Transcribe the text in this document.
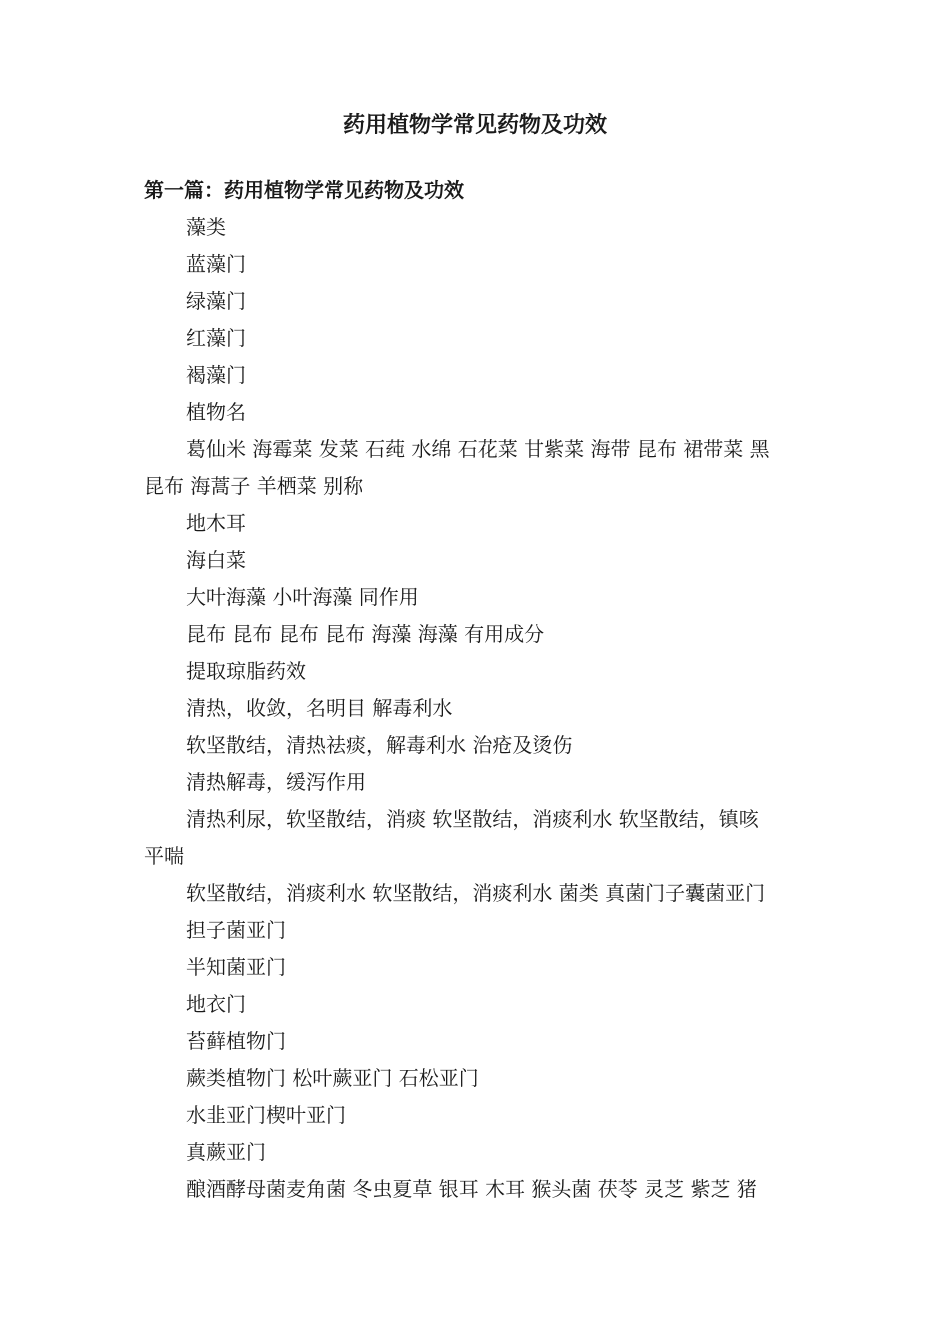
药用植物学常见药物及功效
第一篇：药用植物学常见药物及功效

藻类

蓝藻门

绿藻门

红藻门

褐藻门

植物名

葛仙米 海霉菜 发菜 石莼 水绵 石花菜 甘紫菜 海带 昆布 裙带菜 黑
昆布 海蒿子 羊栖菜 别称

地木耳

海白菜

大叶海藻 小叶海藻 同作用

昆布 昆布 昆布 昆布 海藻 海藻 有用成分

提取琼脂药效

清热，收敛，名明目 解毒利水

软坚散结，清热祛痰，解毒利水 治疮及烫伤

清热解毒，缓泻作用

清热利尿，软坚散结，消痰 软坚散结，消痰利水 软坚散结，镇咳
平喘

软坚散结，消痰利水 软坚散结，消痰利水 菌类 真菌门子囊菌亚门

担子菌亚门

半知菌亚门

地衣门

苔藓植物门

蕨类植物门 松叶蕨亚门 石松亚门

水韭亚门楔叶亚门

真蕨亚门

酿酒酵母菌麦角菌 冬虫夏草 银耳 木耳 猴头菌 茯苓 灵芝 紫芝 猪
